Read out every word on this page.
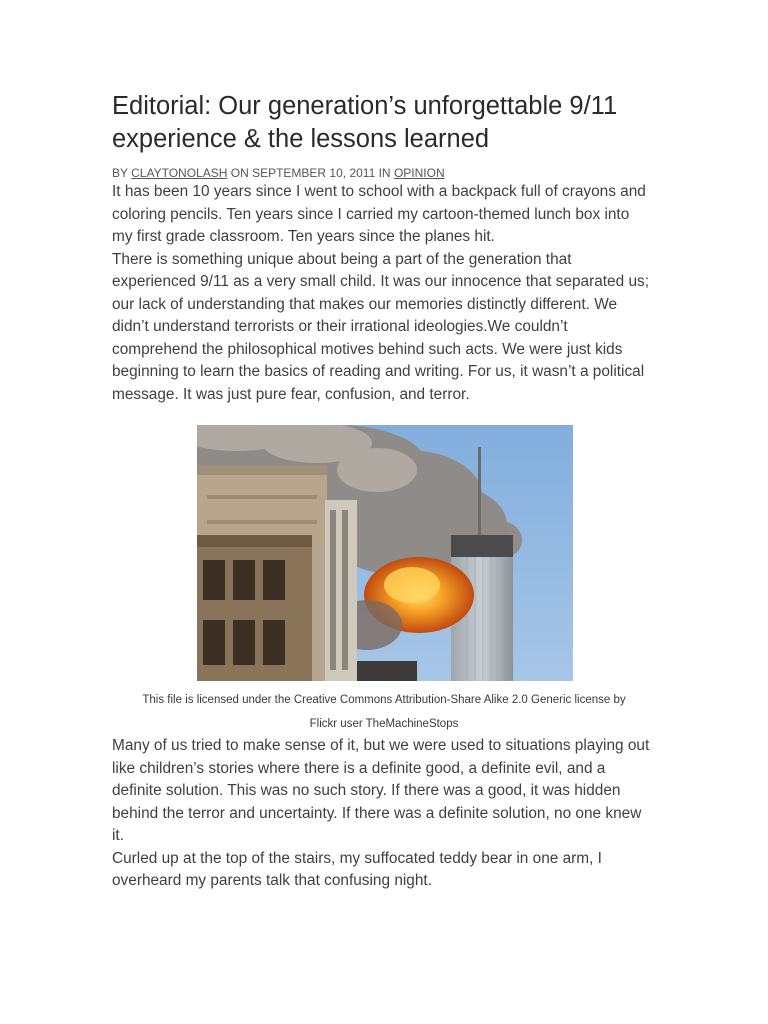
Editorial: Our generation’s unforgettable 9/11 experience & the lessons learned
BY CLAYTONOLASH ON SEPTEMBER 10, 2011 IN OPINION

It has been 10 years since I went to school with a backpack full of crayons and coloring pencils. Ten years since I carried my cartoon-themed lunch box into my first grade classroom. Ten years since the planes hit.

There is something unique about being a part of the generation that experienced 9/11 as a very small child. It was our innocence that separated us; our lack of understanding that makes our memories distinctly different. We didn’t understand terrorists or their irrational ideologies.We couldn’t comprehend the philosophical motives behind such acts. We were just kids beginning to learn the basics of reading and writing. For us, it wasn’t a political message. It was just pure fear, confusion, and terror.

This file is licensed under the Creative Commons Attribution-Share Alike 2.0 Generic license by
Flickr user TheMachineStops

Many of us tried to make sense of it, but we were used to situations playing out like children’s stories where there is a definite good, a definite evil, and a definite solution. This was no such story. If there was a good, it was hidden behind the terror and uncertainty. If there was a definite solution, no one knew it.

Curled up at the top of the stairs, my suffocated teddy bear in one arm, I overheard my parents talk that confusing night.
